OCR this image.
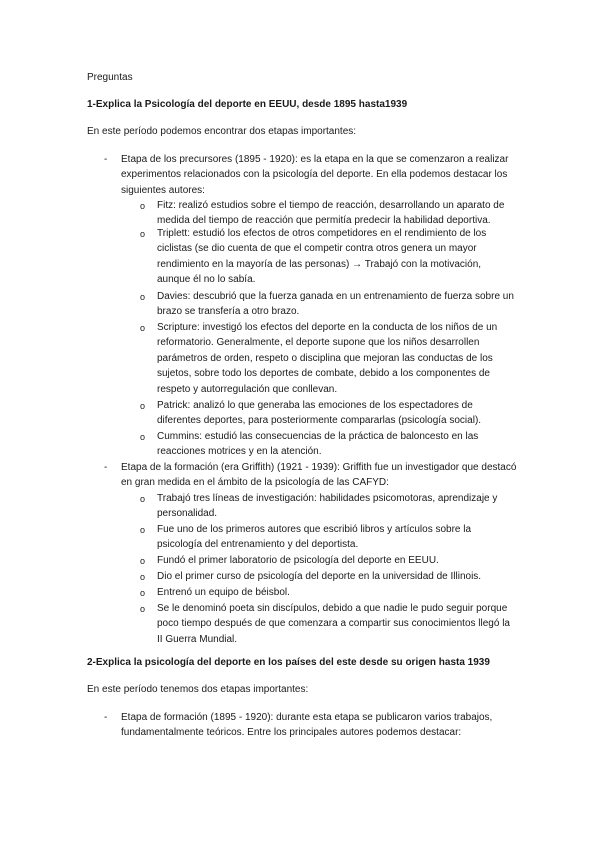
Preguntas

1-Explica la Psicología del deporte en EEUU, desde 1895 hasta1939

En este período podemos encontrar dos etapas importantes:

- Etapa de los precursores (1895 - 1920): es la etapa en la que se comenzaron a realizar experimentos relacionados con la psicología del deporte. En ella podemos destacar los siguientes autores:

o Fitz: realizó estudios sobre el tiempo de reacción, desarrollando un aparato de medida del tiempo de reacción que permitía predecir la habilidad deportiva.

o Triplett: estudió los efectos de otros competidores en el rendimiento de los ciclistas (se dio cuenta de que el competir contra otros genera un mayor rendimiento en la mayoría de las personas) → Trabajó con la motivación, aunque él no lo sabía.

o Davies: descubrió que la fuerza ganada en un entrenamiento de fuerza sobre un brazo se transfería a otro brazo.

o Scripture: investigó los efectos del deporte en la conducta de los niños de un reformatorio. Generalmente, el deporte supone que los niños desarrollen parámetros de orden, respeto o disciplina que mejoran las conductas de los sujetos, sobre todo los deportes de combate, debido a los componentes de respeto y autorregulación que conllevan.

o Patrick: analizó lo que generaba las emociones de los espectadores de diferentes deportes, para posteriormente compararlas (psicología social).

o Cummins: estudió las consecuencias de la práctica de baloncesto en las reacciones motrices y en la atención.

- Etapa de la formación (era Griffith) (1921 - 1939): Griffith fue un investigador que destacó en gran medida en el ámbito de la psicología de las CAFYD:

o Trabajó tres líneas de investigación: habilidades psicomotoras, aprendizaje y personalidad.

o Fue uno de los primeros autores que escribió libros y artículos sobre la psicología del entrenamiento y del deportista.

o Fundó el primer laboratorio de psicología del deporte en EEUU.

o Dio el primer curso de psicología del deporte en la universidad de Illinois.

o Entrenó un equipo de béisbol.

o Se le denominó poeta sin discípulos, debido a que nadie le pudo seguir porque poco tiempo después de que comenzara a compartir sus conocimientos llegó la II Guerra Mundial.

2-Explica la psicología del deporte en los países del este desde su origen hasta 1939

En este período tenemos dos etapas importantes:

- Etapa de formación (1895 - 1920): durante esta etapa se publicaron varios trabajos, fundamentalmente teóricos. Entre los principales autores podemos destacar:
